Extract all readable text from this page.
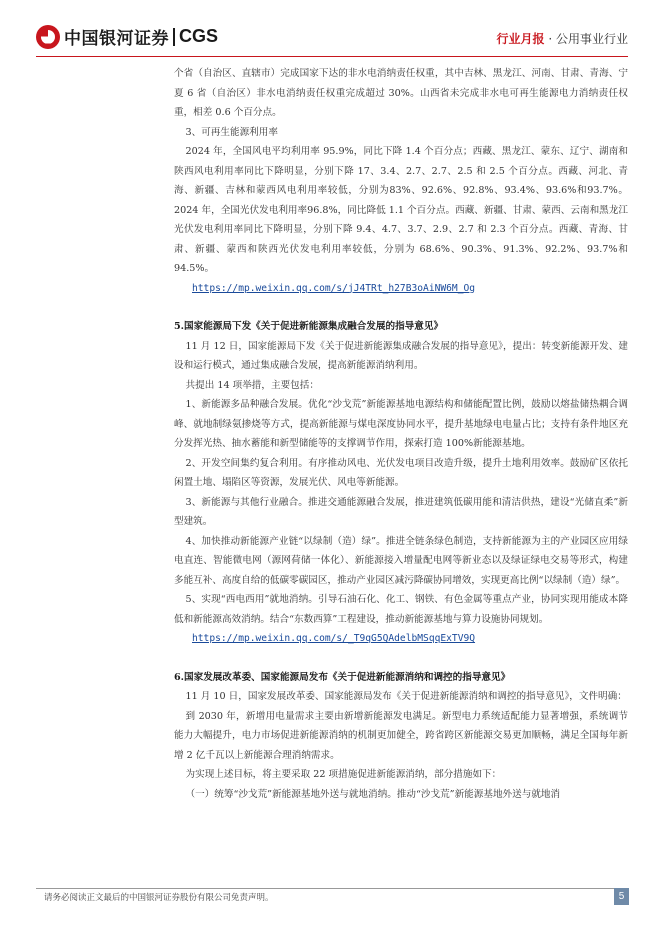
中国银河证券 CGS	行业月报 · 公用事业行业

个省（自治区、直辖市）完成国家下达的非水电消纳责任权重，其中吉林、黑龙江、河南、甘肃、青海、宁夏 6 省（自治区）非水电消纳责任权重完成超过 30%。山西省未完成非水电可再生能源电力消纳责任权重，相差 0.6 个百分点。

3、可再生能源利用率

2024 年，全国风电平均利用率 95.9%，同比下降 1.4 个百分点；西藏、黑龙江、蒙东、辽宁、湖南和陕西风电利用率同比下降明显，分别下降 17、3.4、2.7、2.7、2.5 和 2.5 个百分点。西藏、河北、青海、新疆、吉林和蒙西风电利用率较低，分别为83%、92.6%、92.8%、93.4%、93.6%和93.7%。2024 年，全国光伏发电利用率96.8%，同比降低 1.1 个百分点。西藏、新疆、甘肃、蒙西、云南和黑龙江光伏发电利用率同比下降明显，分别下降 9.4、4.7、3.7、2.9、2.7 和 2.3 个百分点。西藏、青海、甘肃、新疆、蒙西和陕西光伏发电利用率较低，分别为 68.6%、90.3%、91.3%、92.2%、93.7%和 94.5%。

https://mp.weixin.qq.com/s/jJ4TRt_h27B3oAiNW6M_Og

5.国家能源局下发《关于促进新能源集成融合发展的指导意见》

11 月 12 日，国家能源局下发《关于促进新能源集成融合发展的指导意见》，提出：转变新能源开发、建设和运行模式，通过集成融合发展，提高新能源消纳利用。

共提出 14 项举措，主要包括：

1、新能源多品种融合发展。优化“沙戈荒”新能源基地电源结构和储能配置比例，鼓励以熔盐储热耦合调峰、就地制绿氨掺烧等方式，提高新能源与煤电深度协同水平，提升基地绿电电量占比；支持有条件地区充分发挥光热、抽水蓄能和新型储能等的支撑调节作用，探索打造 100%新能源基地。

2、开发空间集约复合利用。有序推动风电、光伏发电项目改造升级，提升土地利用效率。鼓励矿区依托闲置土地、塌陷区等资源，发展光伏、风电等新能源。

3、新能源与其他行业融合。推进交通能源融合发展，推进建筑低碳用能和清洁供热，建设“光储直柔”新型建筑。

4、加快推动新能源产业链“以绿制（造）绿”。推进全链条绿色制造，支持新能源为主的产业园区应用绿电直连、智能微电网（源网荷储一体化）、新能源接入增量配电网等新业态以及绿证绿电交易等形式，构建多能互补、高度自给的低碳零碳园区，推动产业园区减污降碳协同增效，实现更高比例“以绿制（造）绿”。

5、实现“西电西用”就地消纳。引导石油石化、化工、钢铁、有色金属等重点产业，协同实现用能成本降低和新能源高效消纳。结合“东数西算”工程建设，推动新能源基地与算力设施协同规划。

https://mp.weixin.qq.com/s/_T9qG5QAdelbMSqqExTV9Q

6.国家发展改革委、国家能源局发布《关于促进新能源消纳和调控的指导意见》

11 月 10 日，国家发展改革委、国家能源局发布《关于促进新能源消纳和调控的指导意见》，文件明确：

到 2030 年，新增用电量需求主要由新增新能源发电满足。新型电力系统适配能力显著增强，系统调节能力大幅提升，电力市场促进新能源消纳的机制更加健全，跨省跨区新能源交易更加顺畅，满足全国每年新增 2 亿千瓦以上新能源合理消纳需求。

为实现上述目标，将主要采取 22 项措施促进新能源消纳，部分措施如下：

（一）统筹“沙戈荒”新能源基地外送与就地消纳。推动“沙戈荒”新能源基地外送与就地消

请务必阅读正文最后的中国银河证券股份有限公司免责声明。	5
